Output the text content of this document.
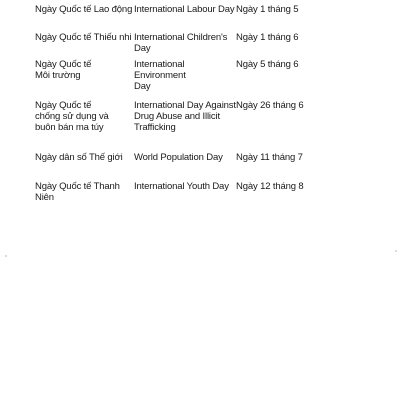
Ngày Quốc tế Lao động International Labour Day Ngày 1 tháng 5
Ngày Quốc tế Thiếu nhi International Children's Day
Ngày 1 tháng 6
Ngày Quốc tế
Môi trường
International Environment
Day
Ngày 5 tháng 6
Ngày Quốc tế
chống sử dụng và
buôn bán ma túy
International Day Against
Drug Abuse and Illicit
Trafficking
Ngày 26 tháng 6
Ngày dân số Thế giới	World Population Day	Ngày 11 tháng 7
Ngày Quốc tế Thanh Niên
International Youth Day Ngày 12 tháng 8
